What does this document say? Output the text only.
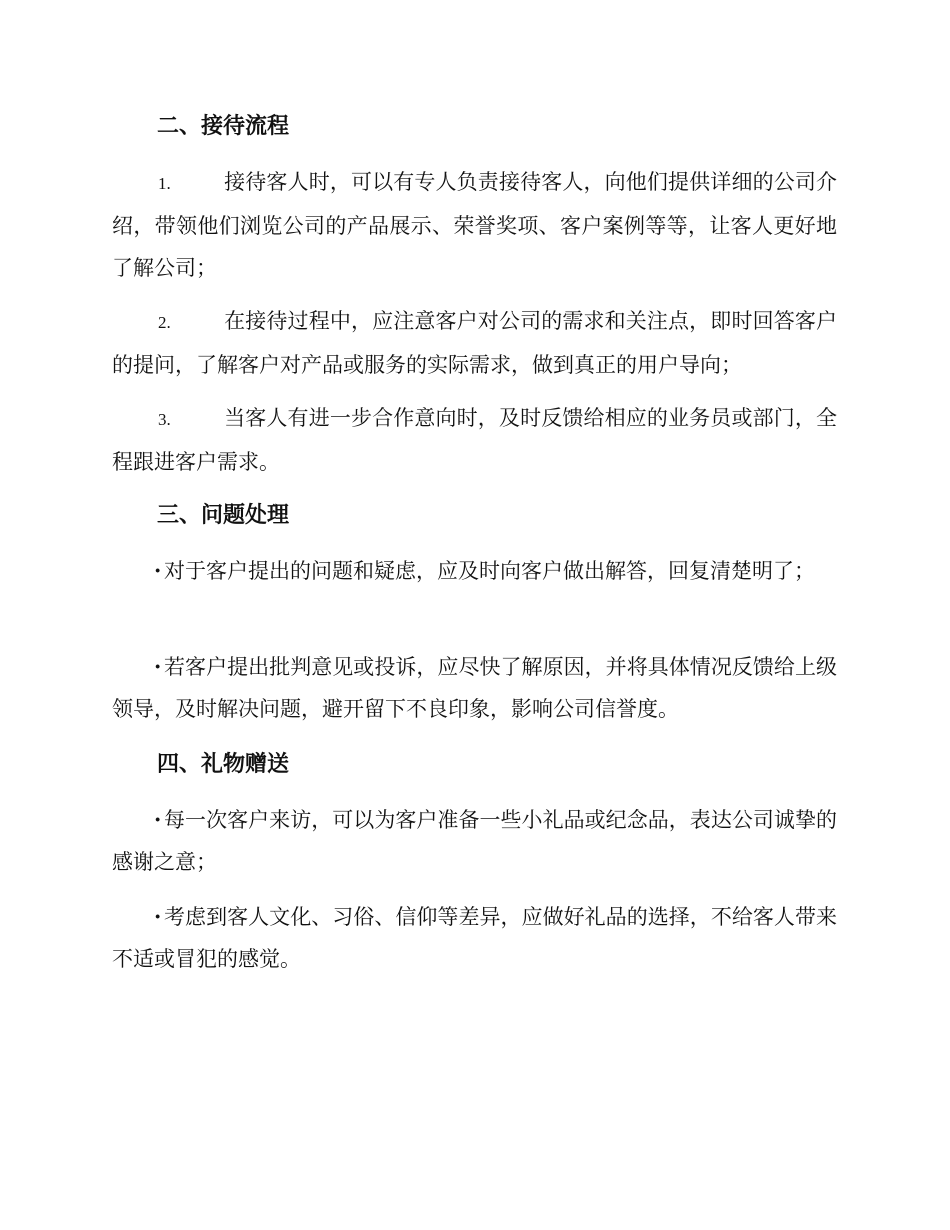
二、接待流程

1.	接待客人时，可以有专人负责接待客人，向他们提供详细的公司介绍，带领他们浏览公司的产品展示、荣誉奖项、客户案例等等，让客人更好地了解公司；

2.	在接待过程中，应注意客户对公司的需求和关注点，即时回答客户的提问，了解客户对产品或服务的实际需求，做到真正的用户导向；

3.	当客人有进一步合作意向时，及时反馈给相应的业务员或部门，全程跟进客户需求。

三、问题处理

· 对于客户提出的问题和疑虑，应及时向客户做出解答，回复清楚明了；

· 若客户提出批判意见或投诉，应尽快了解原因，并将具体情况反馈给上级领导，及时解决问题，避开留下不良印象，影响公司信誉度。

四、礼物赠送

· 每一次客户来访，可以为客户准备一些小礼品或纪念品，表达公司诚挚的感谢之意；

· 考虑到客人文化、习俗、信仰等差异，应做好礼品的选择，不给客人带来不适或冒犯的感觉。
